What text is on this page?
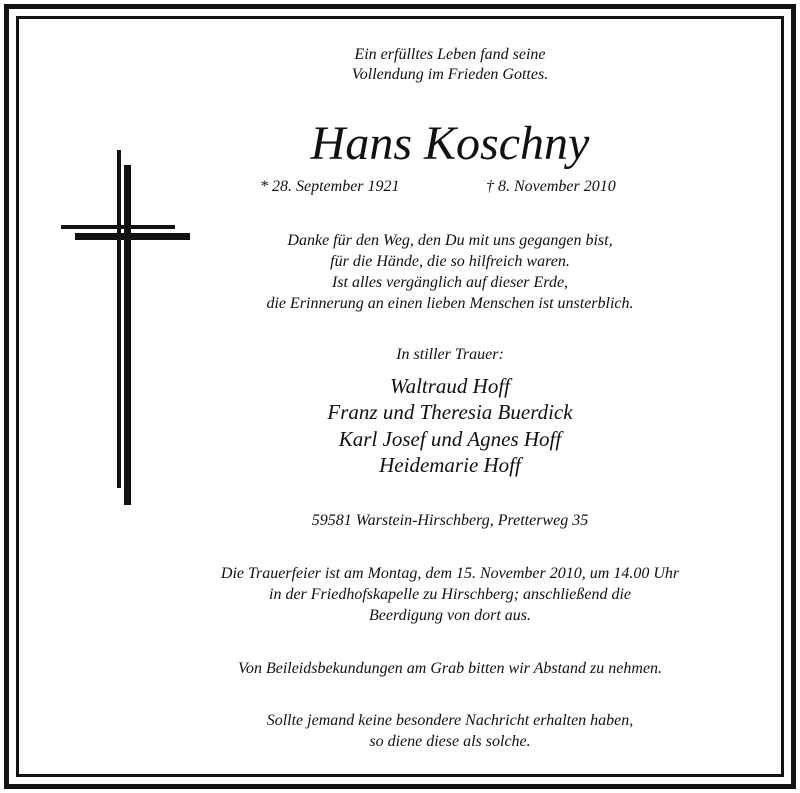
Ein erfülltes Leben fand seine
Vollendung im Frieden Gottes.
Hans Koschny
* 28. September 1921	† 8. November 2010
Danke für den Weg, den Du mit uns gegangen bist,
für die Hände, die so hilfreich waren.
Ist alles vergänglich auf dieser Erde,
die Erinnerung an einen lieben Menschen ist unsterblich.
In stiller Trauer:
Waltraud Hoff
Franz und Theresia Buerdick
Karl Josef und Agnes Hoff
Heidemarie Hoff
59581 Warstein-Hirschberg, Pretterweg 35
Die Trauerfeier ist am Montag, dem 15. November 2010, um 14.00 Uhr
in der Friedhofskapelle zu Hirschberg; anschließend die
Beerdigung von dort aus.
Von Beileidsbekundungen am Grab bitten wir Abstand zu nehmen.
Sollte jemand keine besondere Nachricht erhalten haben,
so diene diese als solche.
